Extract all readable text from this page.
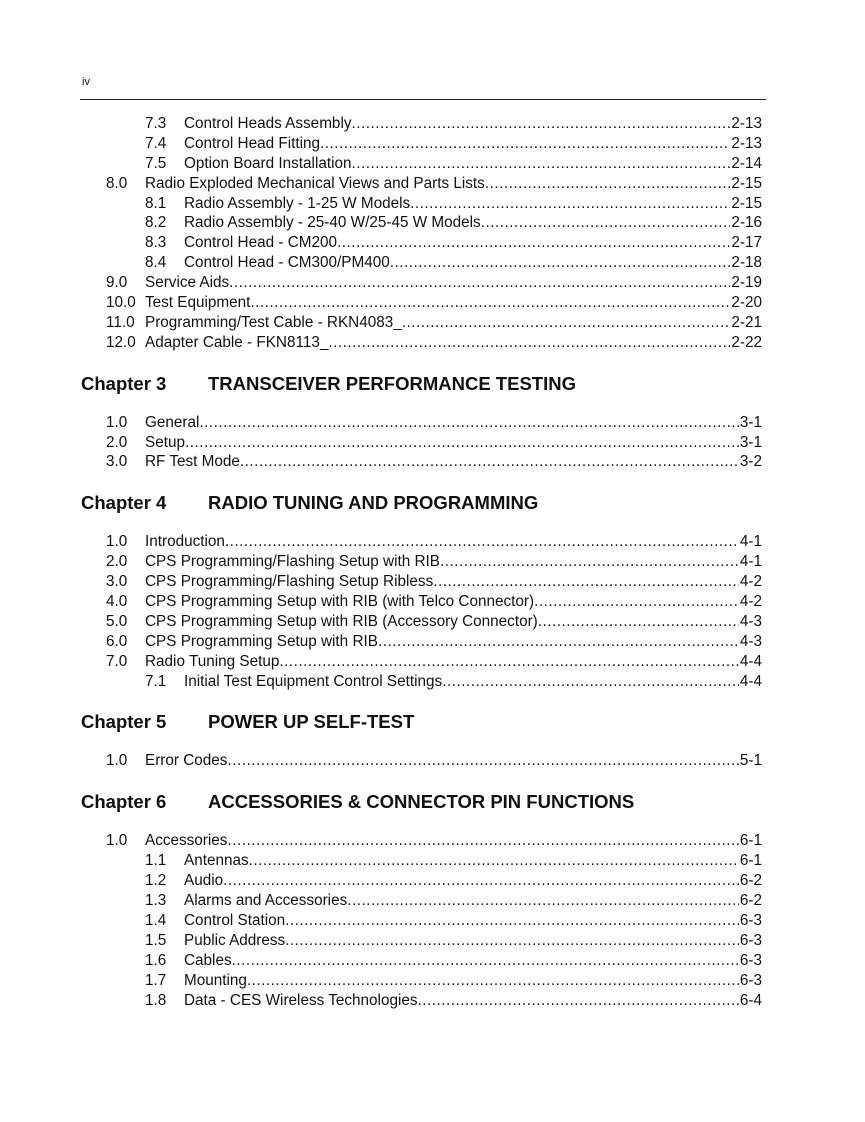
iv
7.3 Control Heads Assembly .....	2-13
7.4 Control Head Fitting .....	2-13
7.5 Option Board Installation .....	2-14
8.0 Radio Exploded Mechanical Views and Parts Lists .....	2-15
8.1 Radio Assembly - 1-25 W Models .....	2-15
8.2 Radio Assembly - 25-40 W/25-45 W Models .....	2-16
8.3 Control Head - CM200 .....	2-17
8.4 Control Head - CM300/PM400 .....	2-18
9.0 Service Aids .....	2-19
10.0 Test Equipment .....	2-20
11.0 Programming/Test Cable - RKN4083_ .....	2-21
12.0 Adapter Cable - FKN8113_ .....	2-22
Chapter 3 TRANSCEIVER PERFORMANCE TESTING
1.0 General .....	3-1
2.0 Setup .....	3-1
3.0 RF Test Mode .....	3-2
Chapter 4 RADIO TUNING AND PROGRAMMING
1.0 Introduction .....	4-1
2.0 CPS Programming/Flashing Setup with RIB .....	4-1
3.0 CPS Programming/Flashing Setup Ribless .....	4-2
4.0 CPS Programming Setup with RIB (with Telco Connector) .....	4-2
5.0 CPS Programming Setup with RIB (Accessory Connector) .....	4-3
6.0 CPS Programming Setup with RIB .....	4-3
7.0 Radio Tuning Setup .....	4-4
7.1 Initial Test Equipment Control Settings .....	4-4
Chapter 5 POWER UP SELF-TEST
1.0 Error Codes .....	5-1
Chapter 6 ACCESSORIES & CONNECTOR PIN FUNCTIONS
1.0 Accessories .....	6-1
1.1 Antennas .....	6-1
1.2 Audio .....	6-2
1.3 Alarms and Accessories .....	6-2
1.4 Control Station .....	6-3
1.5 Public Address .....	6-3
1.6 Cables .....	6-3
1.7 Mounting .....	6-3
1.8 Data - CES Wireless Technologies .....	6-4
